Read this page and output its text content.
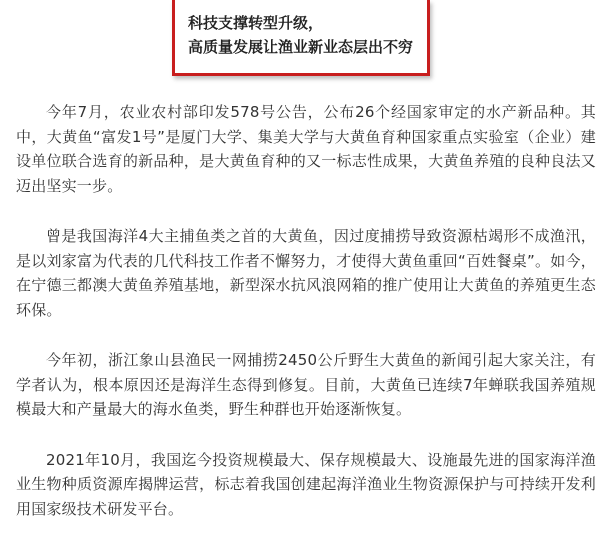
科技支撑转型升级，
高质量发展让渔业新业态层出不穷

今年7月，农业农村部印发578号公告，公布26个经国家审定的水产新品种。其中，大黄鱼“富发1号”是厦门大学、集美大学与大黄鱼育种国家重点实验室（企业）建设单位联合选育的新品种，是大黄鱼育种的又一标志性成果，大黄鱼养殖的良种良法又迈出坚实一步。

曾是我国海洋4大主捕鱼类之首的大黄鱼，因过度捕捞导致资源枯竭形不成渔汛，是以刘家富为代表的几代科技工作者不懈努力，才使得大黄鱼重回“百姓餐桌”。如今，在宁德三都澳大黄鱼养殖基地，新型深水抗风浪网箱的推广使用让大黄鱼的养殖更生态环保。

今年初，浙江象山县渔民一网捕捞2450公斤野生大黄鱼的新闻引起大家关注，有学者认为，根本原因还是海洋生态得到修复。目前，大黄鱼已连续7年蝉联我国养殖规模最大和产量最大的海水鱼类，野生种群也开始逐渐恢复。

2021年10月，我国迄今投资规模最大、保存规模最大、设施最先进的国家海洋渔业生物种质资源库揭牌运营，标志着我国创建起海洋渔业生物资源保护与可持续开发利用国家级技术研发平台。
